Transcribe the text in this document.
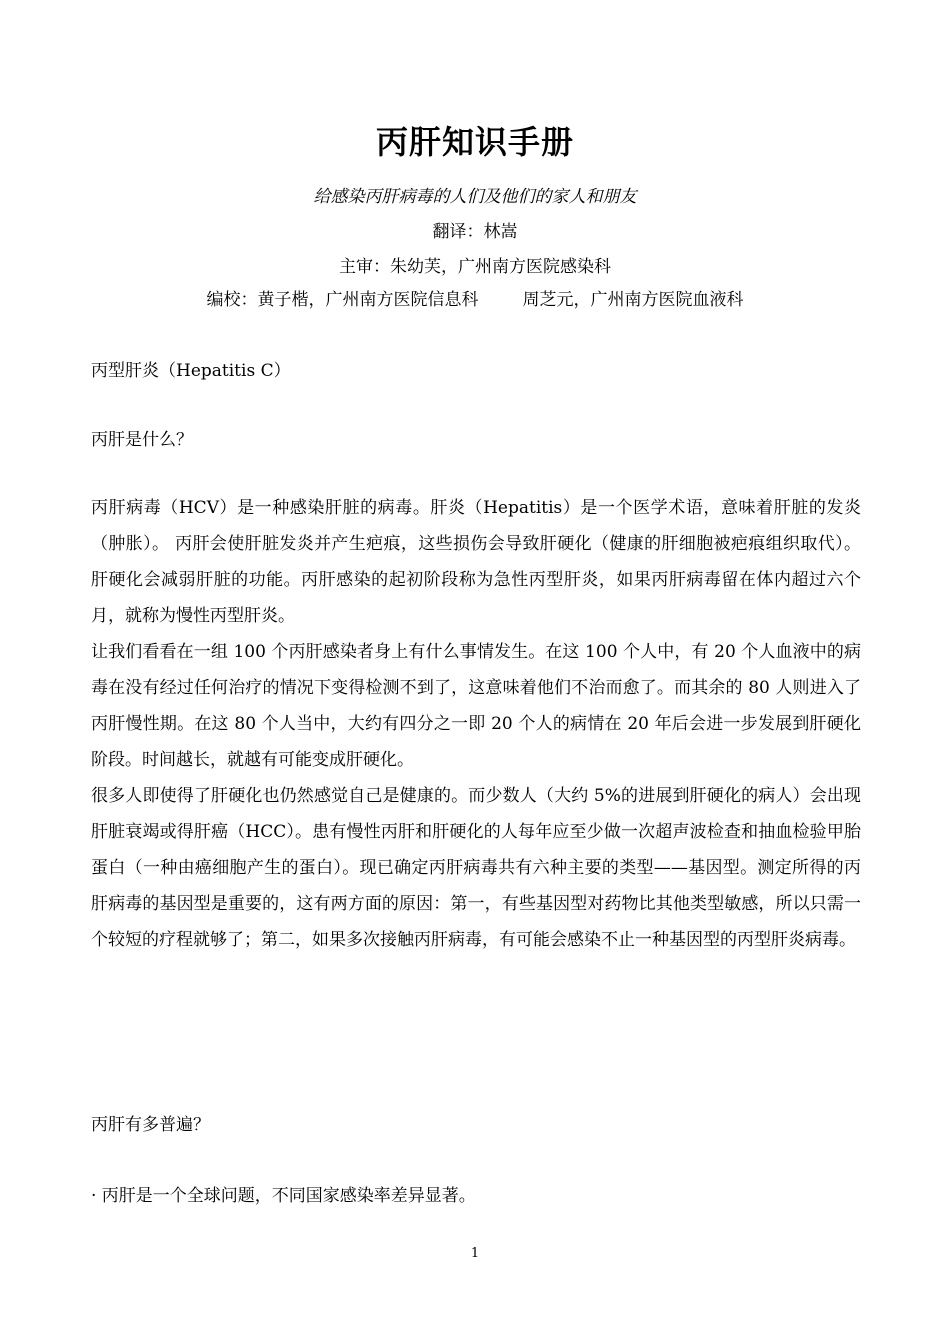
丙肝知识手册
给感染丙肝病毒的人们及他们的家人和朋友
翻译：林嵩
主审：朱幼芙，广州南方医院感染科
编校：黄子楷，广州南方医院信息科	周芝元，广州南方医院血液科
丙型肝炎（Hepatitis C）
丙肝是什么？

丙肝病毒（HCV）是一种感染肝脏的病毒。肝炎（Hepatitis）是一个医学术语，意味着肝脏的发炎（肿胀）。 丙肝会使肝脏发炎并产生疤痕，这些损伤会导致肝硬化（健康的肝细胞被疤痕组织取代）。肝硬化会减弱肝脏的功能。丙肝感染的起初阶段称为急性丙型肝炎，如果丙肝病毒留在体内超过六个月，就称为慢性丙型肝炎。

让我们看看在一组 100 个丙肝感染者身上有什么事情发生。在这 100 个人中，有 20 个人血液中的病毒在没有经过任何治疗的情况下变得检测不到了，这意味着他们不治而愈了。而其余的 80 人则进入了丙肝慢性期。在这 80 个人当中，大约有四分之一即 20 个人的病情在 20 年后会进一步发展到肝硬化阶段。时间越长，就越有可能变成肝硬化。

很多人即使得了肝硬化也仍然感觉自己是健康的。而少数人（大约 5%的进展到肝硬化的病人）会出现肝脏衰竭或得肝癌（HCC）。患有慢性丙肝和肝硬化的人每年应至少做一次超声波检查和抽血检验甲胎蛋白（一种由癌细胞产生的蛋白）。现已确定丙肝病毒共有六种主要的类型——基因型。测定所得的丙肝病毒的基因型是重要的，这有两方面的原因：第一，有些基因型对药物比其他类型敏感，所以只需一个较短的疗程就够了；第二，如果多次接触丙肝病毒，有可能会感染不止一种基因型的丙型肝炎病毒。

丙肝有多普遍？
· 丙肝是一个全球问题，不同国家感染率差异显著。
1
